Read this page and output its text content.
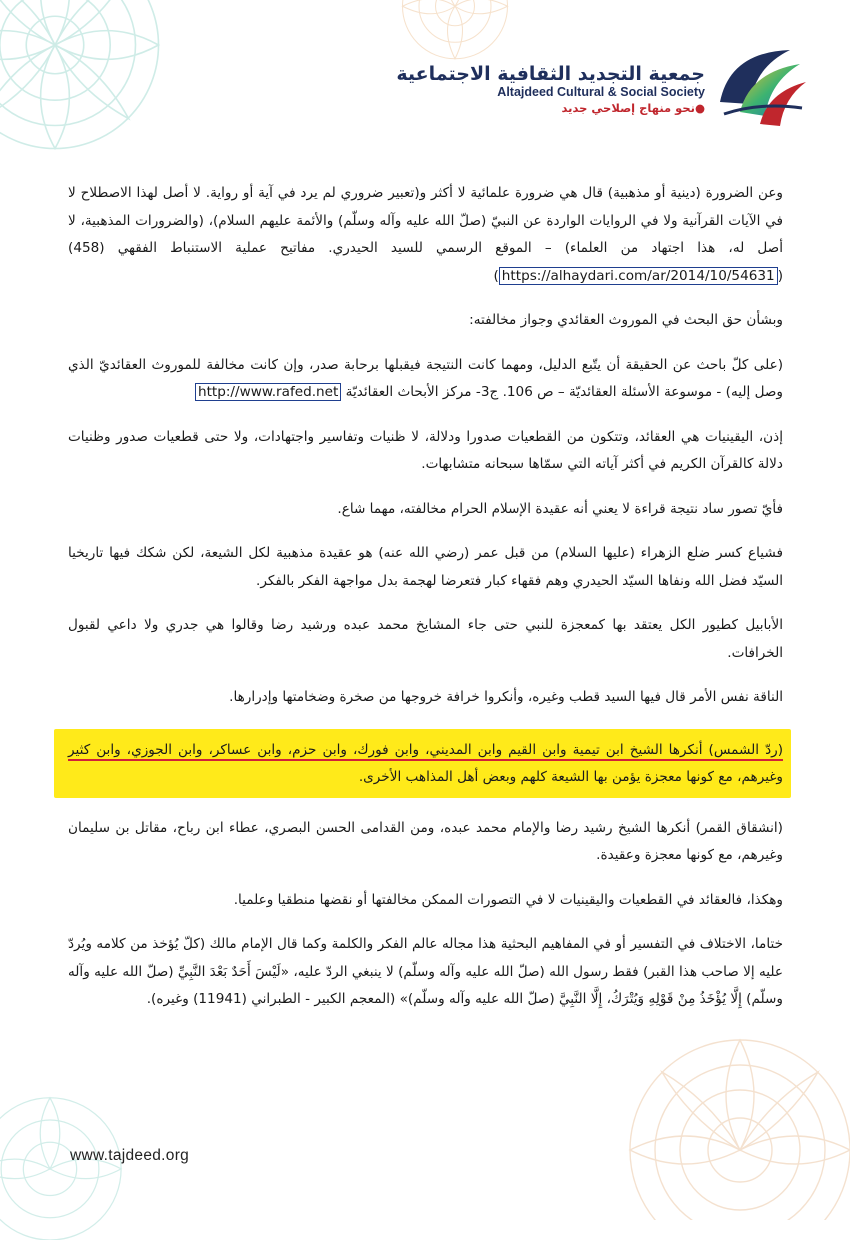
جمعية التجديد الثقافية الاجتماعية

Altajdeed Cultural & Social Society

●نحو منهاج إصلاحي جديد

وعن الضرورة (دينية أو مذهبية) قال هي ضرورة علمائية لا أكثر و(تعبير ضروري لم يرد في آية أو رواية. لا أصل لهذا الاصطلاح لا في الآيات القرآنية ولا في الروايات الواردة عن النبيّ (صلّ الله عليه وآله وسلّم) والأئمة عليهم السلام)، (والضرورات المذهبية، لا أصل له، هذا اجتهاد من العلماء) – الموقع الرسمي للسيد الحيدري. مفاتيح عملية الاستنباط الفقهي (458) (https://alhaydari.com/ar/2014/10/54631)

وبشأن حق البحث في الموروث العقائدي وجواز مخالفته:

(على كلّ باحث عن الحقيقة أن يتّبع الدليل، ومهما كانت النتيجة فيقبلها برحابة صدر، وإن كانت مخالفة للموروث العقائديّ الذي وصل إليه) - موسوعة الأسئلة العقائديّة – ص 106. ج3- مركز الأبحاث العقائديّة http://www.rafed.net

إذن، اليقينيات هي العقائد، وتتكون من القطعيات صدورا ودلالة، لا ظنيات وتفاسير واجتهادات، ولا حتى قطعيات صدور وظنيات دلالة كالقرآن الكريم في أكثر آياته التي سمّاها سبحانه متشابهات.

فأيّ تصور ساد نتيجة قراءة لا يعني أنه عقيدة الإسلام الحرام مخالفته، مهما شاع.

فشياع كسر ضلع الزهراء (عليها السلام) من قبل عمر (رضي الله عنه) هو عقيدة مذهبية لكل الشيعة، لكن شكك فيها تاريخيا السيّد فضل الله ونفاها السيّد الحيدري وهم فقهاء كبار فتعرضا لهجمة بدل مواجهة الفكر بالفكر.

الأبابيل كطيور الكل يعتقد بها كمعجزة للنبي حتى جاء المشايخ محمد عبده ورشيد رضا وقالوا هي جدري ولا داعي لقبول الخرافات.

الناقة نفس الأمر قال فيها السيد قطب وغيره، وأنكروا خرافة خروجها من صخرة وضخامتها وإدرارها.

(ردّ الشمس) أنكرها الشيخ ابن تيمية وابن القيم وابن المديني، وابن فورك، وابن حزم، وابن عساكر، وابن الجوزي، وابن كثير وغيرهم، مع كونها معجزة يؤمن بها الشيعة كلهم وبعض أهل المذاهب الأخرى.

(انشقاق القمر) أنكرها الشيخ رشيد رضا والإمام محمد عبده، ومن القدامى الحسن البصري، عطاء ابن رباح، مقاتل بن سليمان وغيرهم، مع كونها معجزة وعقيدة.

وهكذا، فالعقائد في القطعيات واليقينيات لا في التصورات الممكن مخالفتها أو نقضها منطقيا وعلميا.

ختاما، الاختلاف في التفسير أو في المفاهيم البحثية هذا مجاله عالم الفكر والكلمة وكما قال الإمام مالك (كلّ يُؤخذ من كلامه ويُردّ عليه إلا صاحب هذا القبر) فقط رسول الله (صلّ الله عليه وآله وسلّم) لا ينبغي الردّ عليه، «لَيْسَ أَحَدٌ بَعْدَ النَّبِيِّ (صلّ الله عليه وآله وسلّم) إِلَّا يُؤْخَذُ مِنْ قَوْلِهِ وَيُتْرَكُ، إِلَّا النَّبِيَّ (صلّ الله عليه وآله وسلّم)» (المعجم الكبير - الطبراني (11941) وغيره).

www.tajdeed.org
